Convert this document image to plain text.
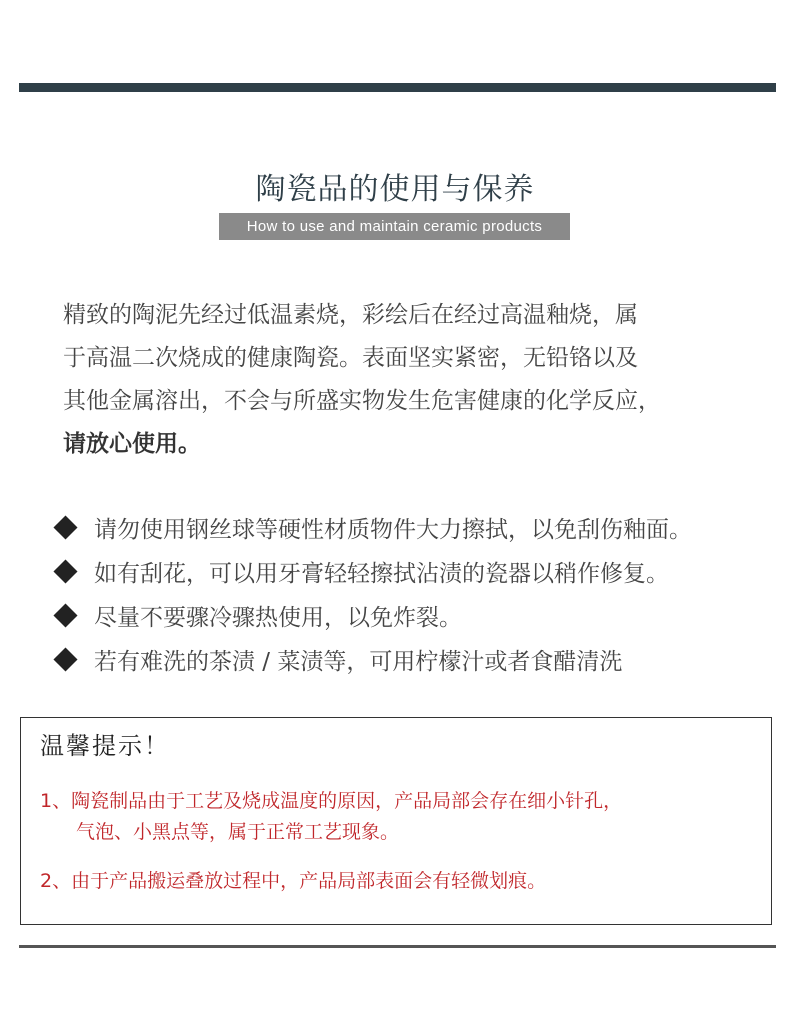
陶瓷品的使用与保养
How to use and maintain ceramic products

精致的陶泥先经过低温素烧，彩绘后在经过高温釉烧，属

于高温二次烧成的健康陶瓷。表面坚实紧密，无铅铬以及

其他金属溶出，不会与所盛实物发生危害健康的化学反应，

请放心使用。

请勿使用钢丝球等硬性材质物件大力擦拭，以免刮伤釉面。
如有刮花，可以用牙膏轻轻擦拭沾渍的瓷器以稍作修复。
尽量不要骤冷骤热使用，以免炸裂。
若有难洗的茶渍 / 菜渍等，可用柠檬汁或者食醋清洗
温馨提示！
1、陶瓷制品由于工艺及烧成温度的原因，产品局部会存在细小针孔，
气泡、小黑点等，属于正常工艺现象。
2、由于产品搬运叠放过程中，产品局部表面会有轻微划痕。
